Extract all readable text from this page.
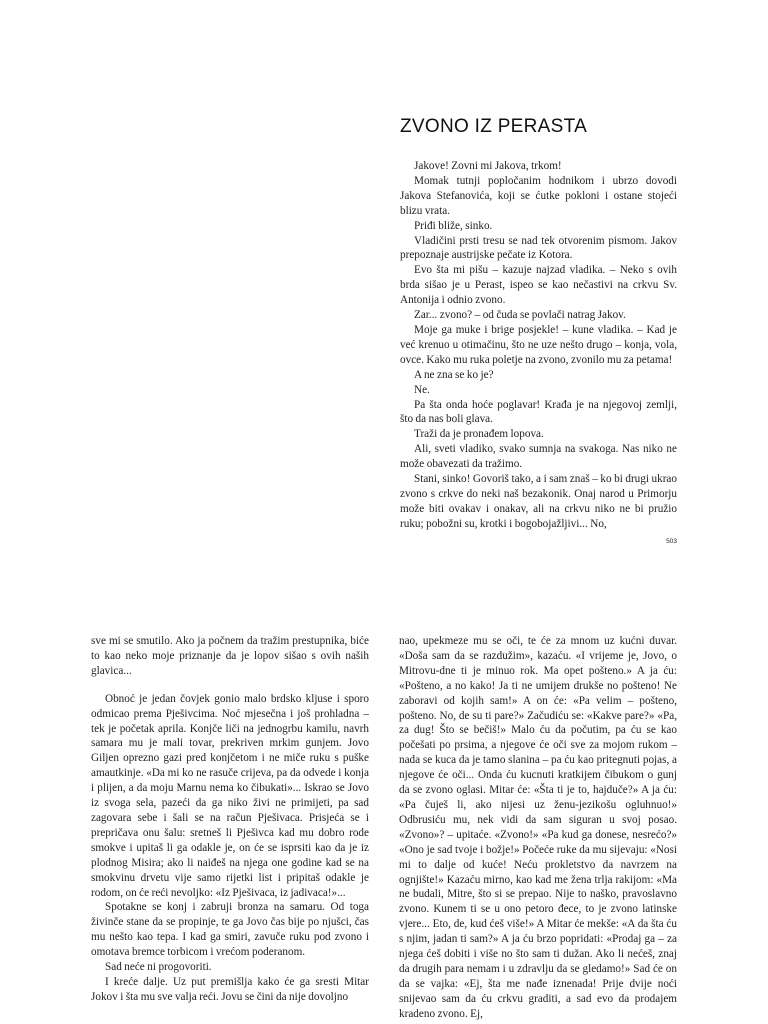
ZVONO IZ PERASTA

Jakove! Zovni mi Jakova, trkom!

Momak tutnji popločanim hodnikom i ubrzo dovodi Jakova Stefanovića, koji se ćutke pokloni i ostane stojeći blizu vrata.

Priđi bliže, sinko.

Vladičini prsti tresu se nad tek otvorenim pismom. Jakov prepoznaje austrijske pečate iz Kotora.

Evo šta mi pišu – kazuje najzad vladika. – Neko s ovih brda sišao je u Perast, ispeo se kao nečastivi na crkvu Sv. Antonija i odnio zvono.

Zar... zvono? – od čuda se povlači natrag Jakov.

Moje ga muke i brige posjekle! – kune vladika. – Kad je već krenuo u otimačinu, što ne uze nešto drugo – konja, vola, ovce. Kako mu ruka poletje na zvono, zvonilo mu za petama!

A ne zna se ko je?

Ne.

Pa šta onda hoće poglavar! Krađa je na njegovoj zemlji, što da nas boli glava.

Traži da je pronađem lopova.

Ali, sveti vladiko, svako sumnja na svakoga. Nas niko ne može obavezati da tražimo.

Stani, sinko! Govoriš tako, a i sam znaš – ko bi drugi ukrao zvono s crkve do neki naš bezakonik. Onaj narod u Primorju može biti ovakav i onakav, ali na crkvu niko ne bi pružio ruku; pobožni su, krotki i bogobojažljivi... No,

503

sve mi se smutilo. Ako ja počnem da tražim prestupnika, biće to kao neko moje priznanje da je lopov sišao s ovih naših glavica...

Obnoć je jedan čovjek gonio malo brdsko kljuse i sporo odmicao prema Pješivcima. Noć mjesečna i još prohladna – tek je početak aprila. Konjče liči na jednogrbu kamilu, navrh samara mu je mali tovar, prekriven mrkim gunjem. Jovo Giljen oprezno gazi pred konjčetom i ne miče ruku s puške amautkinje. «Da mi ko ne rasuče crijeva, pa da odvede i konja i plijen, a da moju Marnu nema ko čibukati»... Iskrao se Jovo iz svoga sela, pazeći da ga niko živi ne primijeti, pa sad zagovara sebe i šali se na račun Pješivaca. Prisjeća se i prepričava onu šalu: sretneš li Pješivca kad mu dobro rode smokve i upitaš li ga odakle je, on će se isprsiti kao da je iz plodnog Misira; ako li naiđeš na njega one godine kad se na smokvinu drvetu vije samo rijetki list i pripitaš odakle je rodom, on će reći nevoljko: «Iz Pješivaca, iz jadivaca!»...

Spotakne se konj i zabruji bronza na samaru. Od toga živinče stane da se propinje, te ga Jovo čas bije po njušci, čas mu nešto kao tepa. I kad ga smiri, zavuče ruku pod zvono i omotava bremce torbicom i vrećom poderanom.

Sad neće ni progovoriti.

I kreće dalje. Uz put premišlja kako će ga sresti Mitar Jokov i šta mu sve valja reći. Jovu se čini da nije dovoljno

nao, upekmeze mu se oči, te će za mnom uz kućni duvar. «Doša sam da se razdužim», kazaću. «I vrijeme je, Jovo, o Mitrovu-dne ti je minuo rok. Ma opet pošteno.» A ja ću: «Pošteno, a no kako! Ja ti ne umijem drukše no pošteno! Ne zaboravi od kojih sam!» A on će: «Pa velim – pošteno, pošteno. No, de su ti pare?» Začudiću se: «Kakve pare?» «Pa, za dug! Što se bečiš!» Malo ću da počutim, pa ću se kao počešati po prsima, a njegove će oči sve za mojom rukom – nada se kuca da je tamo slanina – pa ću kao pritegnuti pojas, a njegove će oči... Onda ću kucnuti kratkijem čibukom o gunj da se zvono oglasi. Mitar će: «Šta ti je to, hajduče?» A ja ću: «Pa čuješ li, ako nijesi uz ženu-jezikošu ogluhnuo!» Odbrusiću mu, nek vidi da sam siguran u svoj posao. «Zvono»? – upitaće. «Zvono!» «Pa kud ga donese, nesrećo?» «Ono je sad tvoje i božje!» Počeće ruke da mu sijevaju: «Nosi mi to dalje od kuće! Neću prokletstvo da navrzem na ognjište!» Kazaću mirno, kao kad me žena trlja rakijom: «Ma ne budali, Mitre, što si se prepao. Nije to naško, pravoslavno zvono. Kunem ti se u ono petoro đece, to je zvono latinske vjere... Eto, de, kud ćeš više!» A Mitar će mekše: «A da šta ću s njim, jadan ti sam?» A ja ću brzo popridati: «Prodaj ga – za njega ćeš dobiti i više no što sam ti dužan. Ako li nećeš, znaj da drugih para nemam i u zdravlju da se gledamo!» Sad će on da se vajka: «Ej, šta me nađe iznenada! Prije dvije noći snijevao sam da ću crkvu graditi, a sad evo da prodajem kradeno zvono. Ej,
